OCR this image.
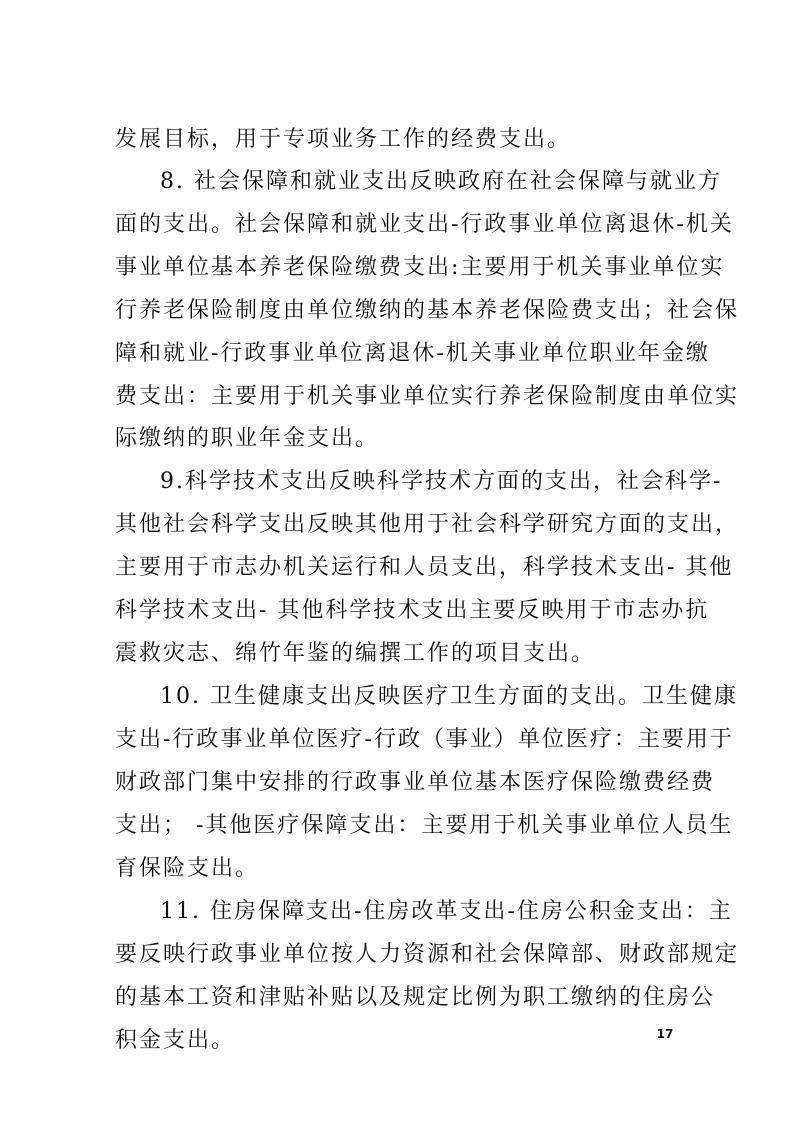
发展目标，用于专项业务工作的经费支出。

8. 社会保障和就业支出反映政府在社会保障与就业方

面的支出。社会保障和就业支出-行政事业单位离退休-机关

事业单位基本养老保险缴费支出:主要用于机关事业单位实

行养老保险制度由单位缴纳的基本养老保险费支出；社会保

障和就业-行政事业单位离退休-机关事业单位职业年金缴

费支出：主要用于机关事业单位实行养老保险制度由单位实

际缴纳的职业年金支出。

9.科学技术支出反映科学技术方面的支出，社会科学-

其他社会科学支出反映其他用于社会科学研究方面的支出，

主要用于市志办机关运行和人员支出，科学技术支出- 其他

科学技术支出- 其他科学技术支出主要反映用于市志办抗

震救灾志、绵竹年鉴的编撰工作的项目支出。

10. 卫生健康支出反映医疗卫生方面的支出。卫生健康

支出-行政事业单位医疗-行政（事业）单位医疗：主要用于

财政部门集中安排的行政事业单位基本医疗保险缴费经费

支出； -其他医疗保障支出：主要用于机关事业单位人员生

育保险支出。

11. 住房保障支出-住房改革支出-住房公积金支出：主

要反映行政事业单位按人力资源和社会保障部、财政部规定

的基本工资和津贴补贴以及规定比例为职工缴纳的住房公

积金支出。	17
